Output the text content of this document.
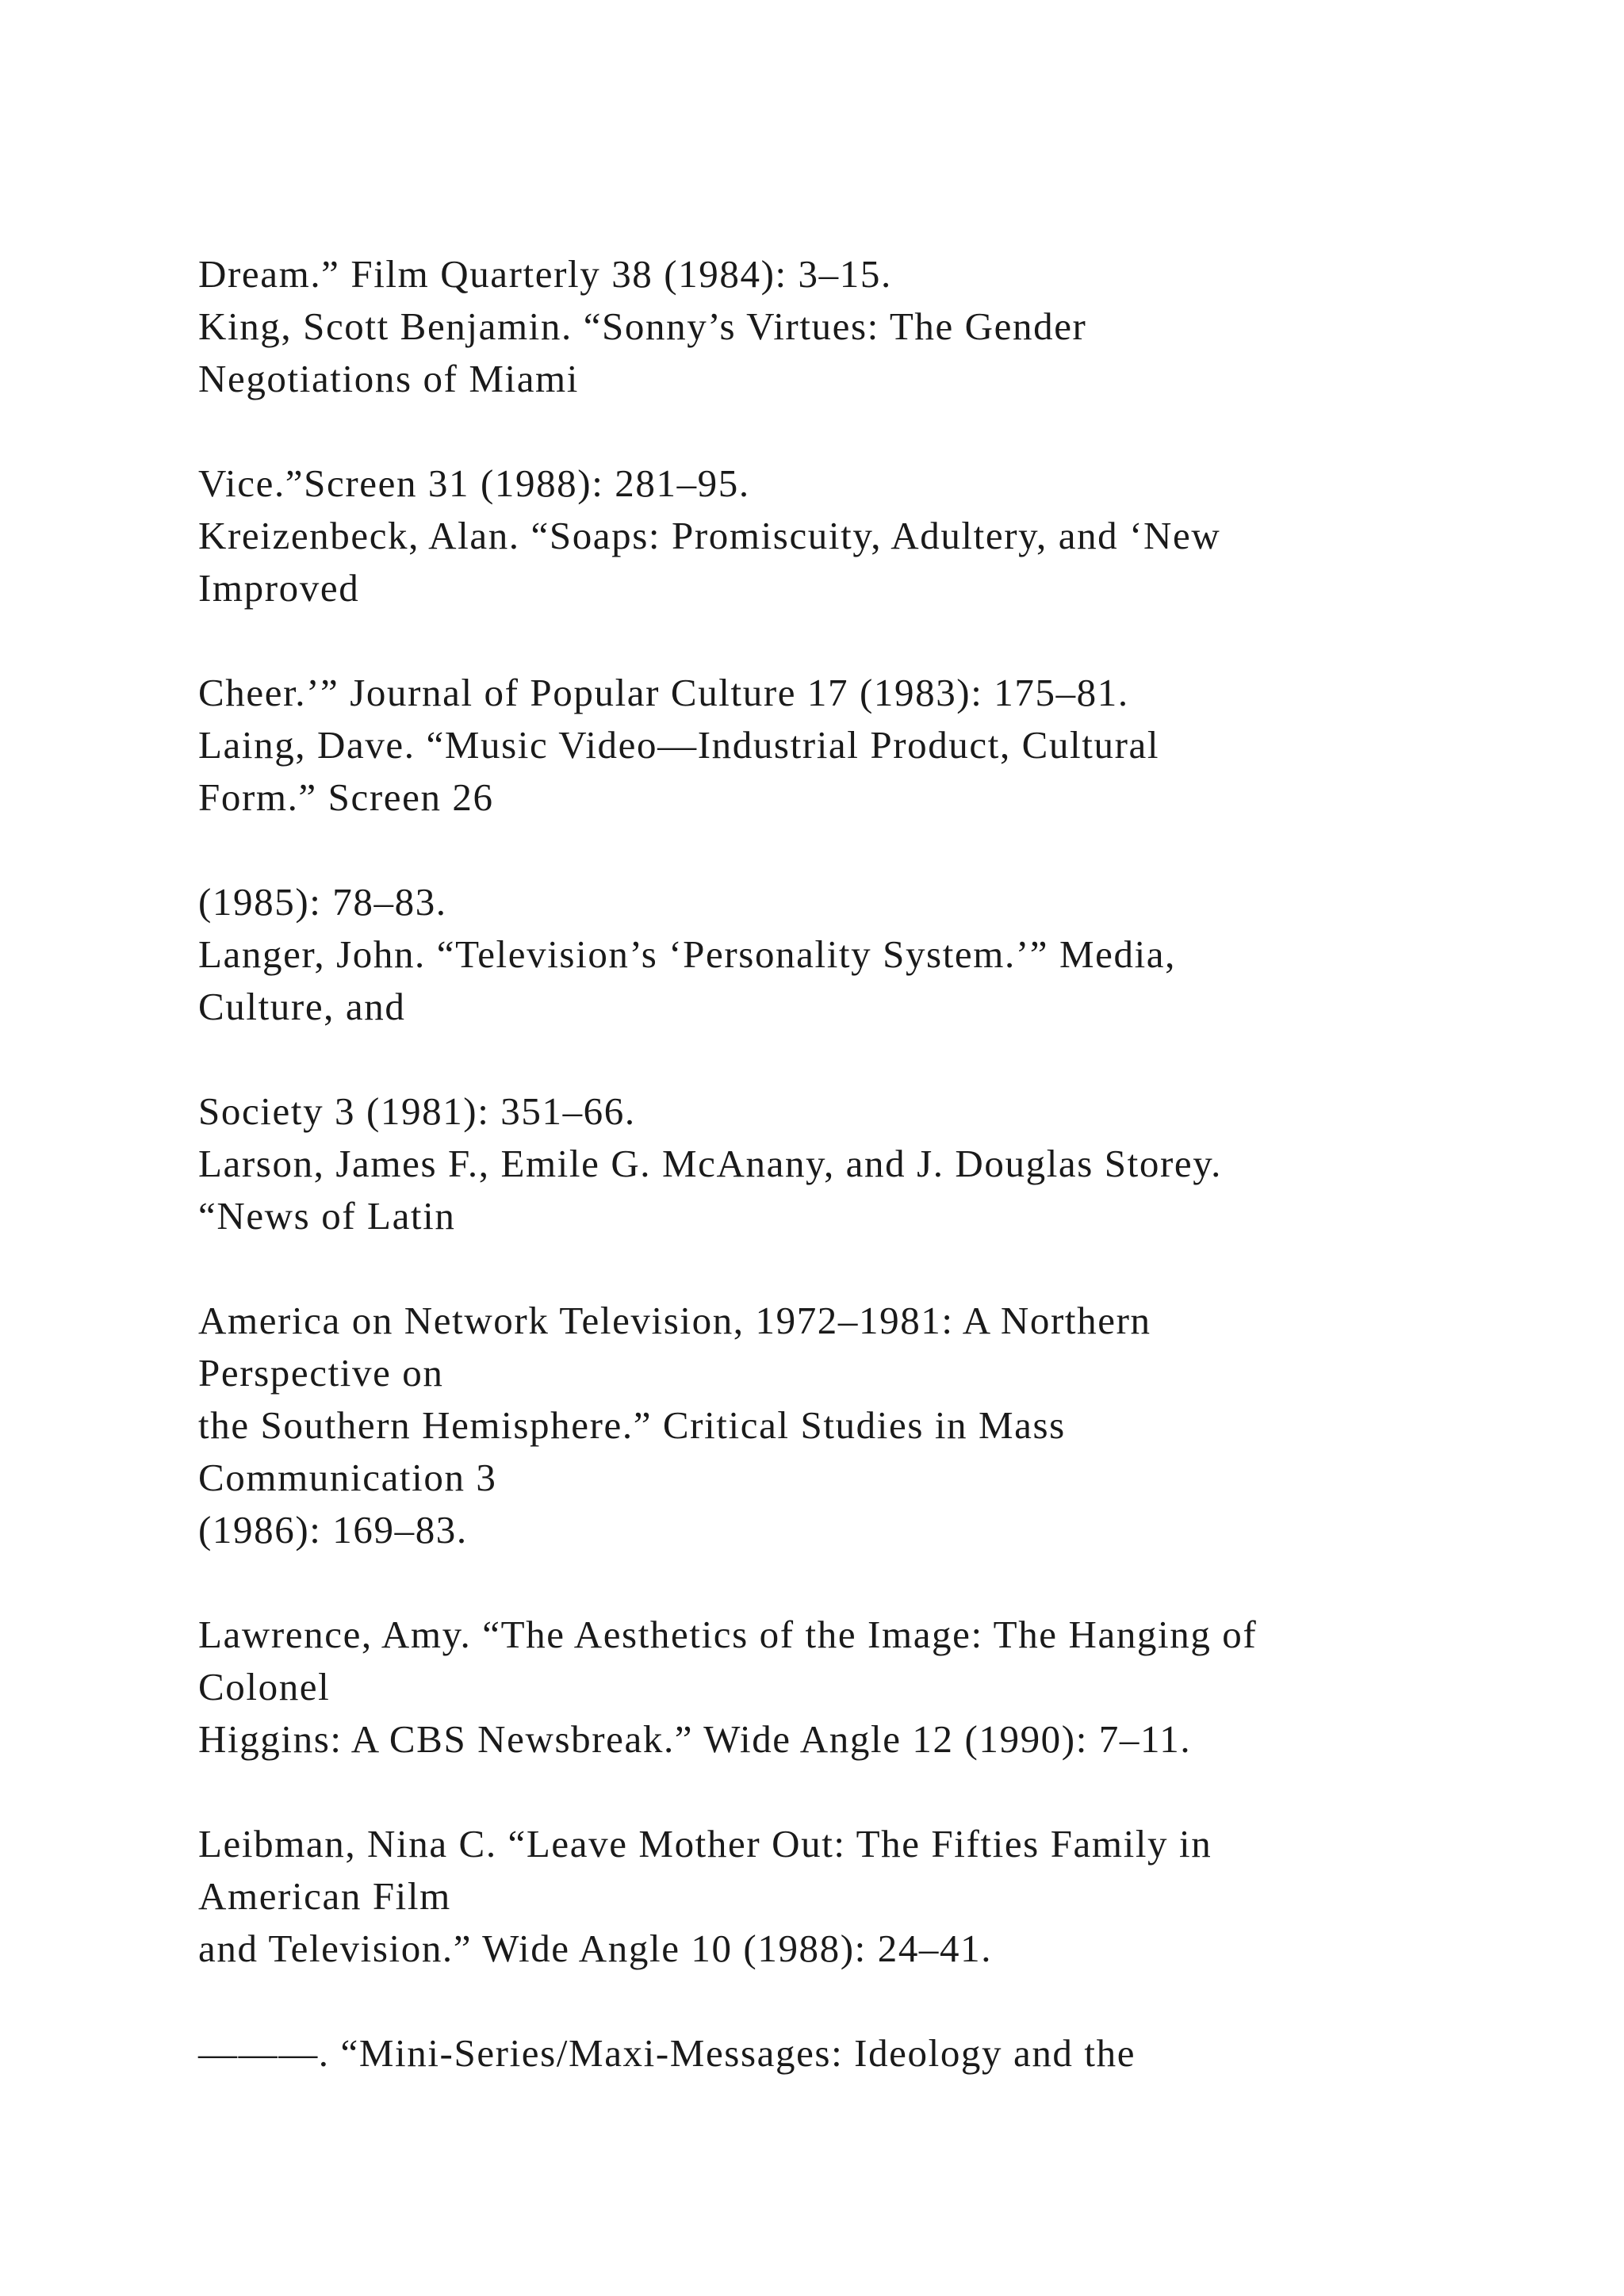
Dream.” Film Quarterly 38 (1984): 3–15.
King, Scott Benjamin. “Sonny’s Virtues: The Gender
Negotiations of Miami
Vice.”Screen 31 (1988): 281–95.
Kreizenbeck, Alan. “Soaps: Promiscuity, Adultery, and ‘New
Improved
Cheer.’” Journal of Popular Culture 17 (1983): 175–81.
Laing, Dave. “Music Video—Industrial Product, Cultural
Form.” Screen 26
(1985): 78–83.
Langer, John. “Television’s ‘Personality System.’” Media,
Culture, and
Society 3 (1981): 351–66.
Larson, James F., Emile G. McAnany, and J. Douglas Storey.
“News of Latin
America on Network Television, 1972–1981: A Northern
Perspective on
the Southern Hemisphere.” Critical Studies in Mass
Communication 3
(1986): 169–83.
Lawrence, Amy. “The Aesthetics of the Image: The Hanging of
Colonel
Higgins: A CBS Newsbreak.” Wide Angle 12 (1990): 7–11.
Leibman, Nina C. “Leave Mother Out: The Fifties Family in
American Film
and Television.” Wide Angle 10 (1988): 24–41.
———. “Mini-Series/Maxi-Messages: Ideology and the
